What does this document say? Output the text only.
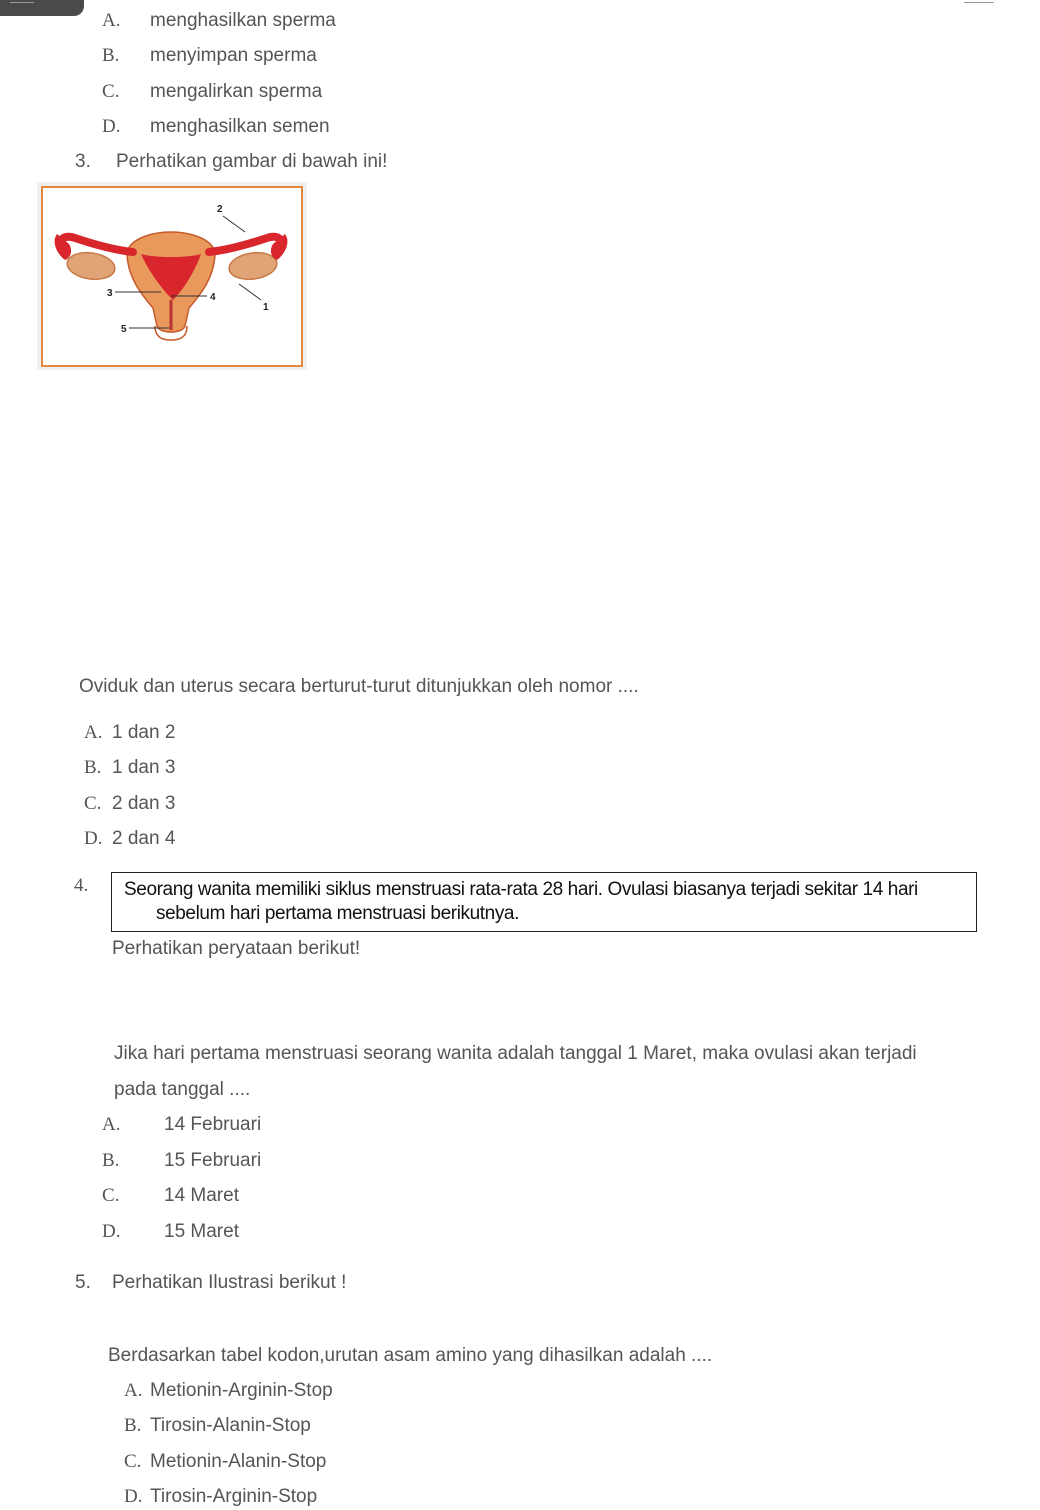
A. menghasilkan sperma
B. menyimpan sperma
C. mengalirkan sperma
D. menghasilkan semen
3. Perhatikan gambar di bawah ini!
2
3	4
1
5
Oviduk dan uterus secara berturut-turut ditunjukkan oleh nomor ....
A. 1 dan 2
B. 1 dan 3
C. 2 dan 3
D. 2 dan 4
4. Seorang wanita memiliki siklus menstruasi rata-rata 28 hari. Ovulasi biasanya terjadi sekitar 14 hari
sebelum hari pertama menstruasi berikutnya.
Perhatikan peryataan berikut!
Jika hari pertama menstruasi seorang wanita adalah tanggal 1 Maret, maka ovulasi akan terjadi
pada tanggal ....
A. 14 Februari
B. 15 Februari
C. 14 Maret
D. 15 Maret
5. Perhatikan Ilustrasi berikut !
Berdasarkan tabel kodon,urutan asam amino yang dihasilkan adalah ....
A. Metionin-Arginin-Stop
B. Tirosin-Alanin-Stop
C. Metionin-Alanin-Stop
D. Tirosin-Arginin-Stop
